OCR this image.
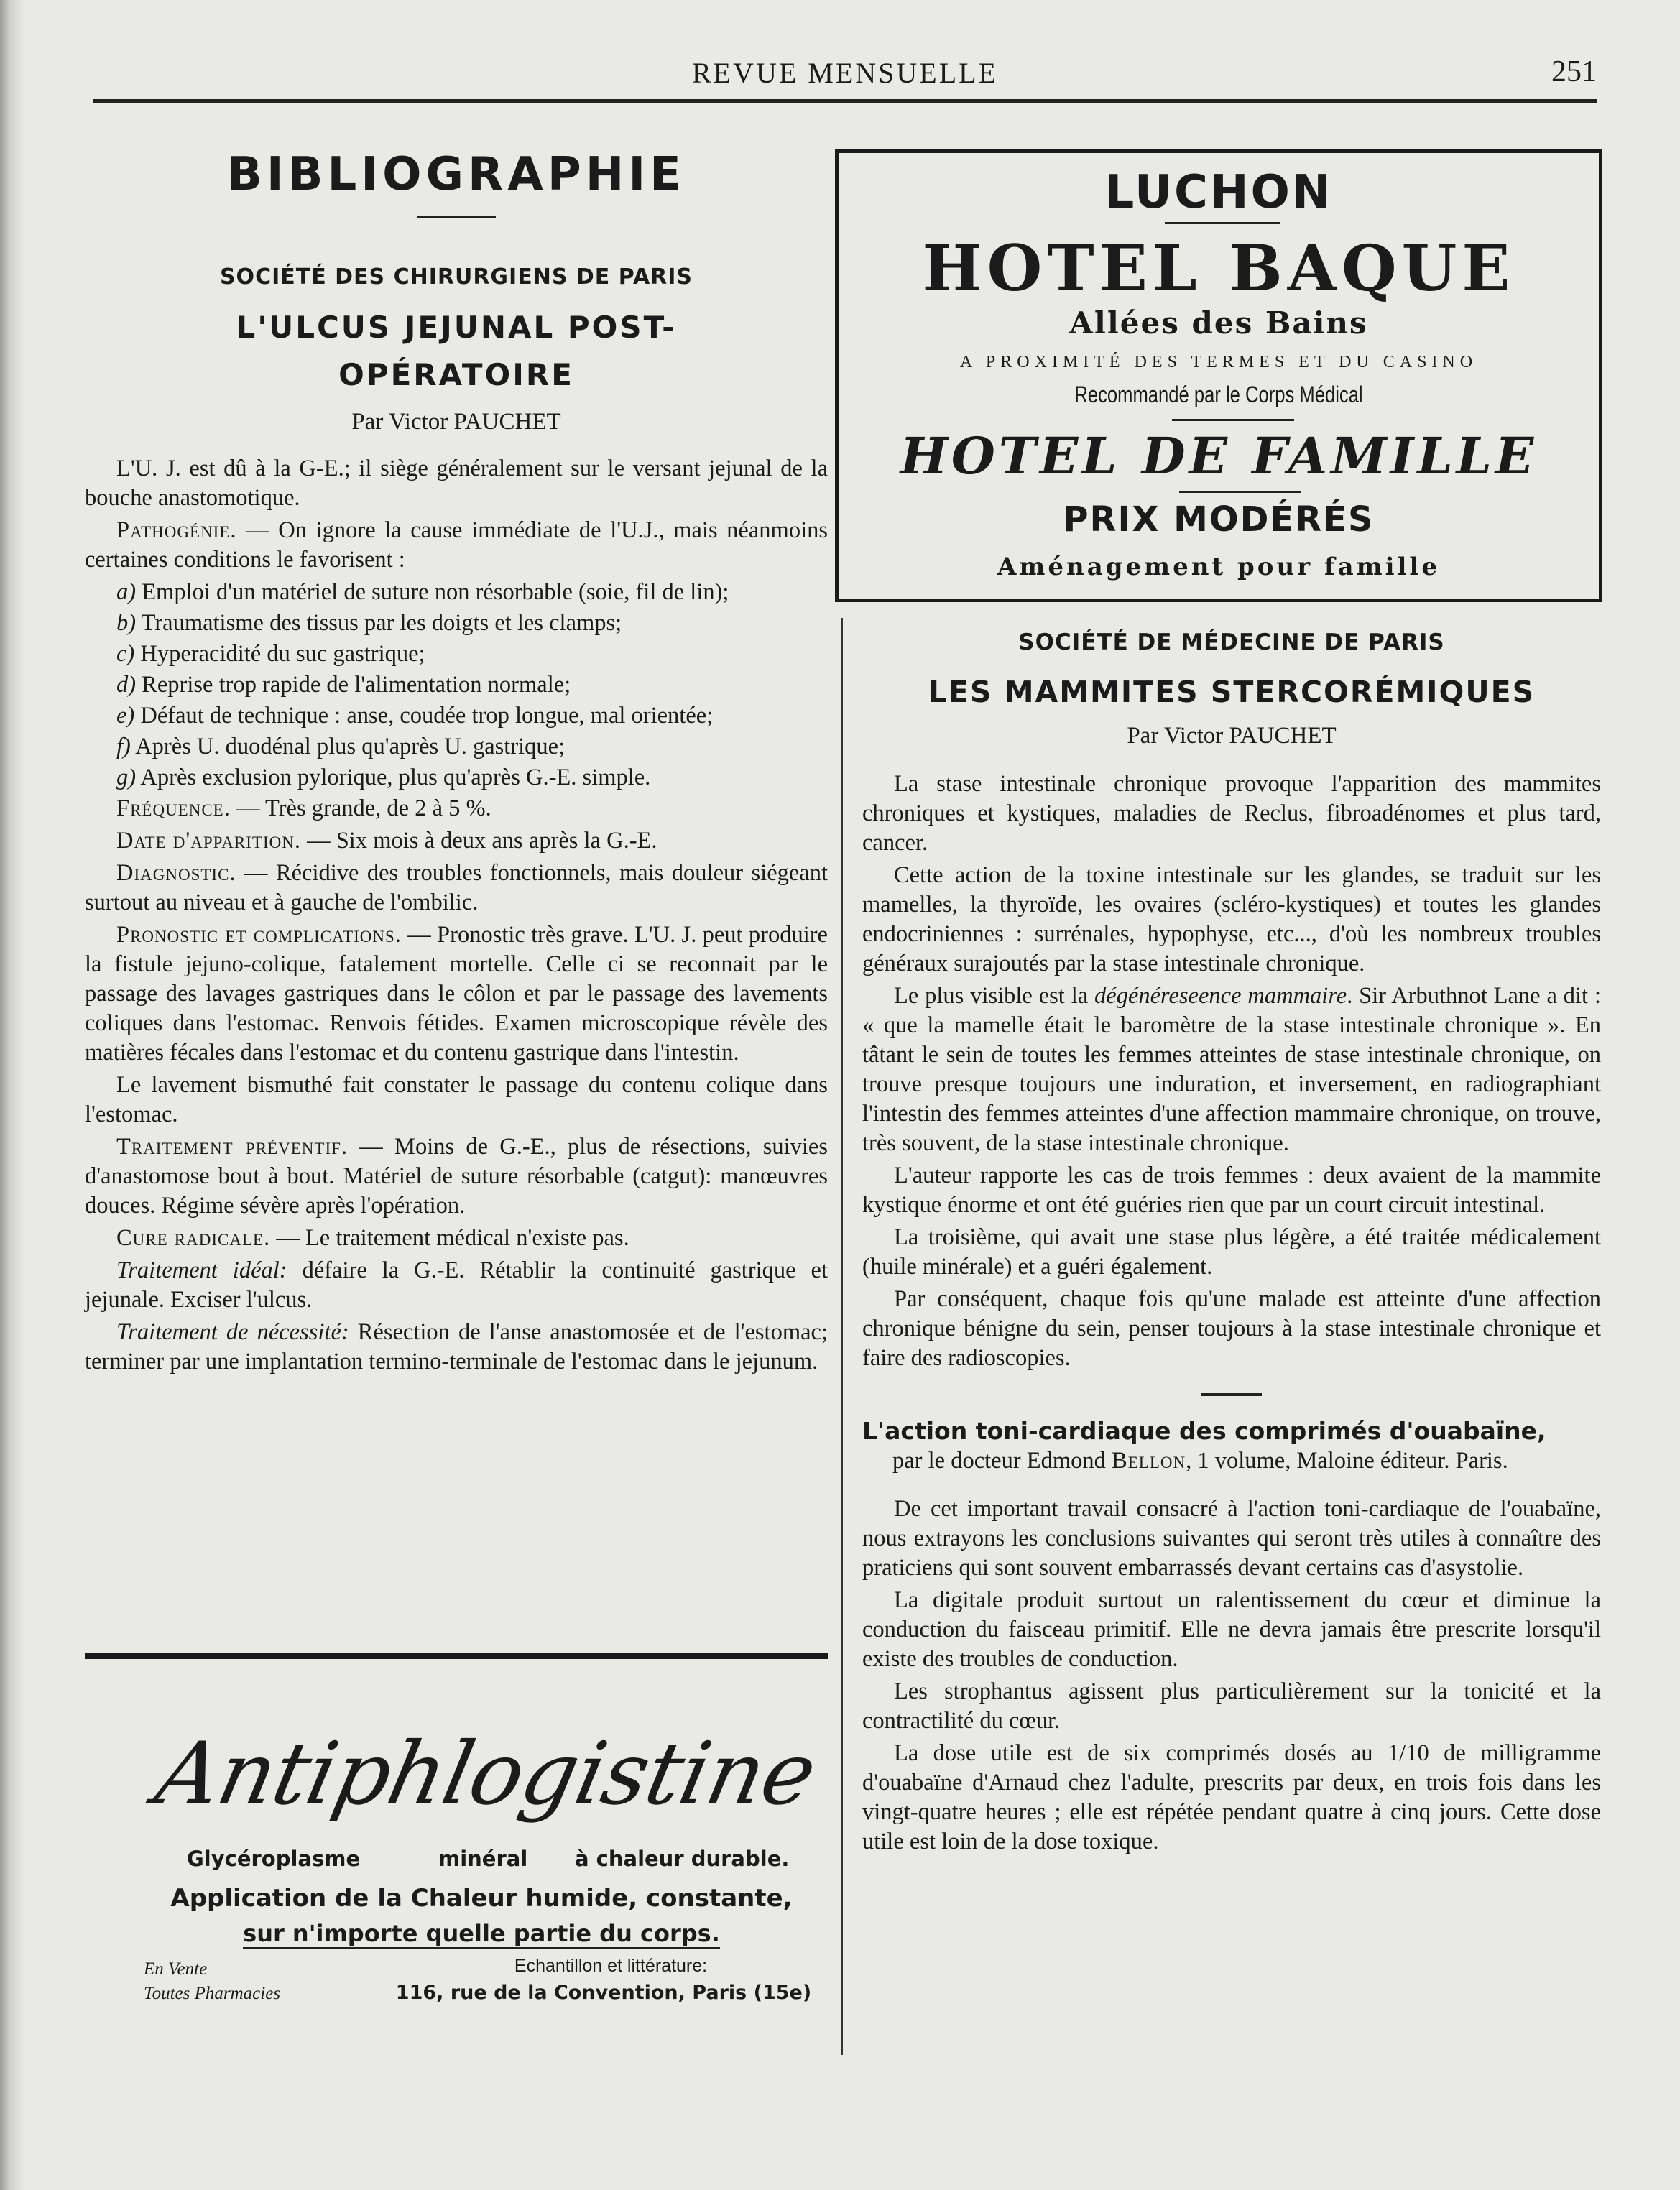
REVUE MENSUELLE	251
BIBLIOGRAPHIE
SOCIÉTÉ DES CHIRURGIENS DE PARIS
L'ULCUS JEJUNAL POST-
OPÉRATOIRE
Par Victor PAUCHET

L'U. J. est dû à la G-E.; il siège généralement sur le versant jejunal de la bouche anastomotique.

Pathogénie. — On ignore la cause immédiate de l'U.J., mais néanmoins certaines conditions le favorisent :

a) Emploi d'un matériel de suture non résorbable (soie, fil de lin);

b) Traumatisme des tissus par les doigts et les clamps;

c) Hyperacidité du suc gastrique;

d) Reprise trop rapide de l'alimentation normale;

e) Défaut de technique : anse, coudée trop longue, mal orientée;

f) Après U. duodénal plus qu'après U. gastrique;

g) Après exclusion pylorique, plus qu'après G.-E. simple.

Fréquence. — Très grande, de 2 à 5 %.

Date d'apparition. — Six mois à deux ans après la G.-E.

Diagnostic. — Récidive des troubles fonctionnels, mais douleur siégeant surtout au niveau et à gauche de l'ombilic.

Pronostic et complications. — Pronostic très grave. L'U. J. peut produire la fistule jejuno-colique, fatalement mortelle. Celle ci se reconnait par le passage des lavages gastriques dans le côlon et par le passage des lavements coliques dans l'estomac. Renvois fétides. Examen microscopique révèle des matières fécales dans l'estomac et du contenu gastrique dans l'intestin.

Le lavement bismuthé fait constater le passage du contenu colique dans l'estomac.

Traitement préventif. — Moins de G.-E., plus de résections, suivies d'anastomose bout à bout. Matériel de suture résorbable (catgut): manœuvres douces. Régime sévère après l'opération.

Cure radicale. — Le traitement médical n'existe pas.

Traitement idéal: défaire la G.-E. Rétablir la continuité gastrique et jejunale. Exciser l'ulcus.

Traitement de nécessité: Résection de l'anse anastomosée et de l'estomac; terminer par une implantation termino-terminale de l'estomac dans le jejunum.

LUCHON
HOTEL BAQUE
Allées des Bains
A PROXIMITÉ DES TERMES ET DU CASINO
Recommandé par le Corps Médical
HOTEL DE FAMILLE
PRIX MODÉRÉS
Aménagement pour famille
SOCIÉTÉ DE MÉDECINE DE PARIS
LES MAMMITES STERCORÉMIQUES
Par Victor PAUCHET

La stase intestinale chronique provoque l'apparition des mammites chroniques et kystiques, maladies de Reclus, fibroadénomes et plus tard, cancer.

Cette action de la toxine intestinale sur les glandes, se traduit sur les mamelles, la thyroïde, les ovaires (scléro-kystiques) et toutes les glandes endocriniennes : surrénales, hypophyse, etc..., d'où les nombreux troubles généraux surajoutés par la stase intestinale chronique.

Le plus visible est la dégénéreseence mammaire. Sir Arbuthnot Lane a dit : « que la mamelle était le baromètre de la stase intestinale chronique ». En tâtant le sein de toutes les femmes atteintes de stase intestinale chronique, on trouve presque toujours une induration, et inversement, en radiographiant l'intestin des femmes atteintes d'une affection mammaire chronique, on trouve, très souvent, de la stase intestinale chronique.

L'auteur rapporte les cas de trois femmes : deux avaient de la mammite kystique énorme et ont été guéries rien que par un court circuit intestinal.

La troisième, qui avait une stase plus légère, a été traitée médicalement (huile minérale) et a guéri également.

Par conséquent, chaque fois qu'une malade est atteinte d'une affection chronique bénigne du sein, penser toujours à la stase intestinale chronique et faire des radioscopies.

L'action toni-cardiaque des comprimés d'ouabaïne,

par le docteur Edmond Bellon, 1 volume, Maloine éditeur. Paris.

De cet important travail consacré à l'action toni-cardiaque de l'ouabaïne, nous extrayons les conclusions suivantes qui seront très utiles à connaître des praticiens qui sont souvent embarrassés devant certains cas d'asystolie.

La digitale produit surtout un ralentissement du cœur et diminue la conduction du faisceau primitif. Elle ne devra jamais être prescrite lorsqu'il existe des troubles de conduction.

Les strophantus agissent plus particulièrement sur la tonicité et la contractilité du cœur.

La dose utile est de six comprimés dosés au 1/10 de milligramme d'ouabaïne d'Arnaud chez l'adulte, prescrits par deux, en trois fois dans les vingt-quatre heures ; elle est répétée pendant quatre à cinq jours. Cette dose utile est loin de la dose toxique.

Antiphlogistine
Glycéroplasme	minéral à chaleur durable.
Application de la Chaleur humide, constante,
sur n'importe quelle partie du corps.
En Vente
Toutes Pharmacies
Echantillon et littérature:
116, rue de la Convention, Paris (15e)
